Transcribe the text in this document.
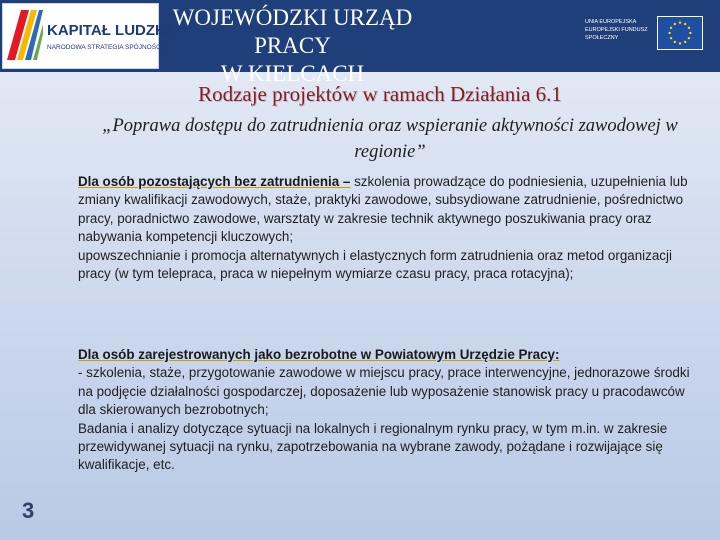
KAPITAŁ LUDZKI
NARODOWA STRATEGIA SPÓJNOŚCI
WOJEWÓDZKI URZĄD PRACY
W KIELCACH
UNIA EUROPEJSKA EUROPEJSKI FUNDUSZ SPOŁECZNY
Rodzaje projektów w ramach Działania 6.1
„Poprawa dostępu do zatrudnienia oraz wspieranie aktywności zawodowej w regionie”
Dla osób pozostających bez zatrudnienia – szkolenia prowadzące do podniesienia, uzupełnienia lub zmiany kwalifikacji zawodowych, staże, praktyki zawodowe, subsydiowane zatrudnienie, pośrednictwo pracy, poradnictwo zawodowe, warsztaty w zakresie technik aktywnego poszukiwania pracy oraz nabywania kompetencji kluczowych;
upowszechnianie i promocja alternatywnych i elastycznych form zatrudnienia oraz metod organizacji pracy (w tym telepraca, praca w niepełnym wymiarze czasu pracy, praca rotacyjna);
Dla osób zarejestrowanych jako bezrobotne w Powiatowym Urzędzie Pracy:
- szkolenia, staże, przygotowanie zawodowe w miejscu pracy, prace interwencyjne, jednorazowe środki na podjęcie działalności gospodarczej, doposażenie lub wyposażenie stanowisk pracy u pracodawców dla skierowanych bezrobotnych;
Badania i analizy dotyczące sytuacji na lokalnych i regionalnym rynku pracy, w tym m.in. w zakresie przewidywanej sytuacji na rynku, zapotrzebowania na wybrane zawody, pożądane i rozwijające się kwalifikacje, etc.
3
